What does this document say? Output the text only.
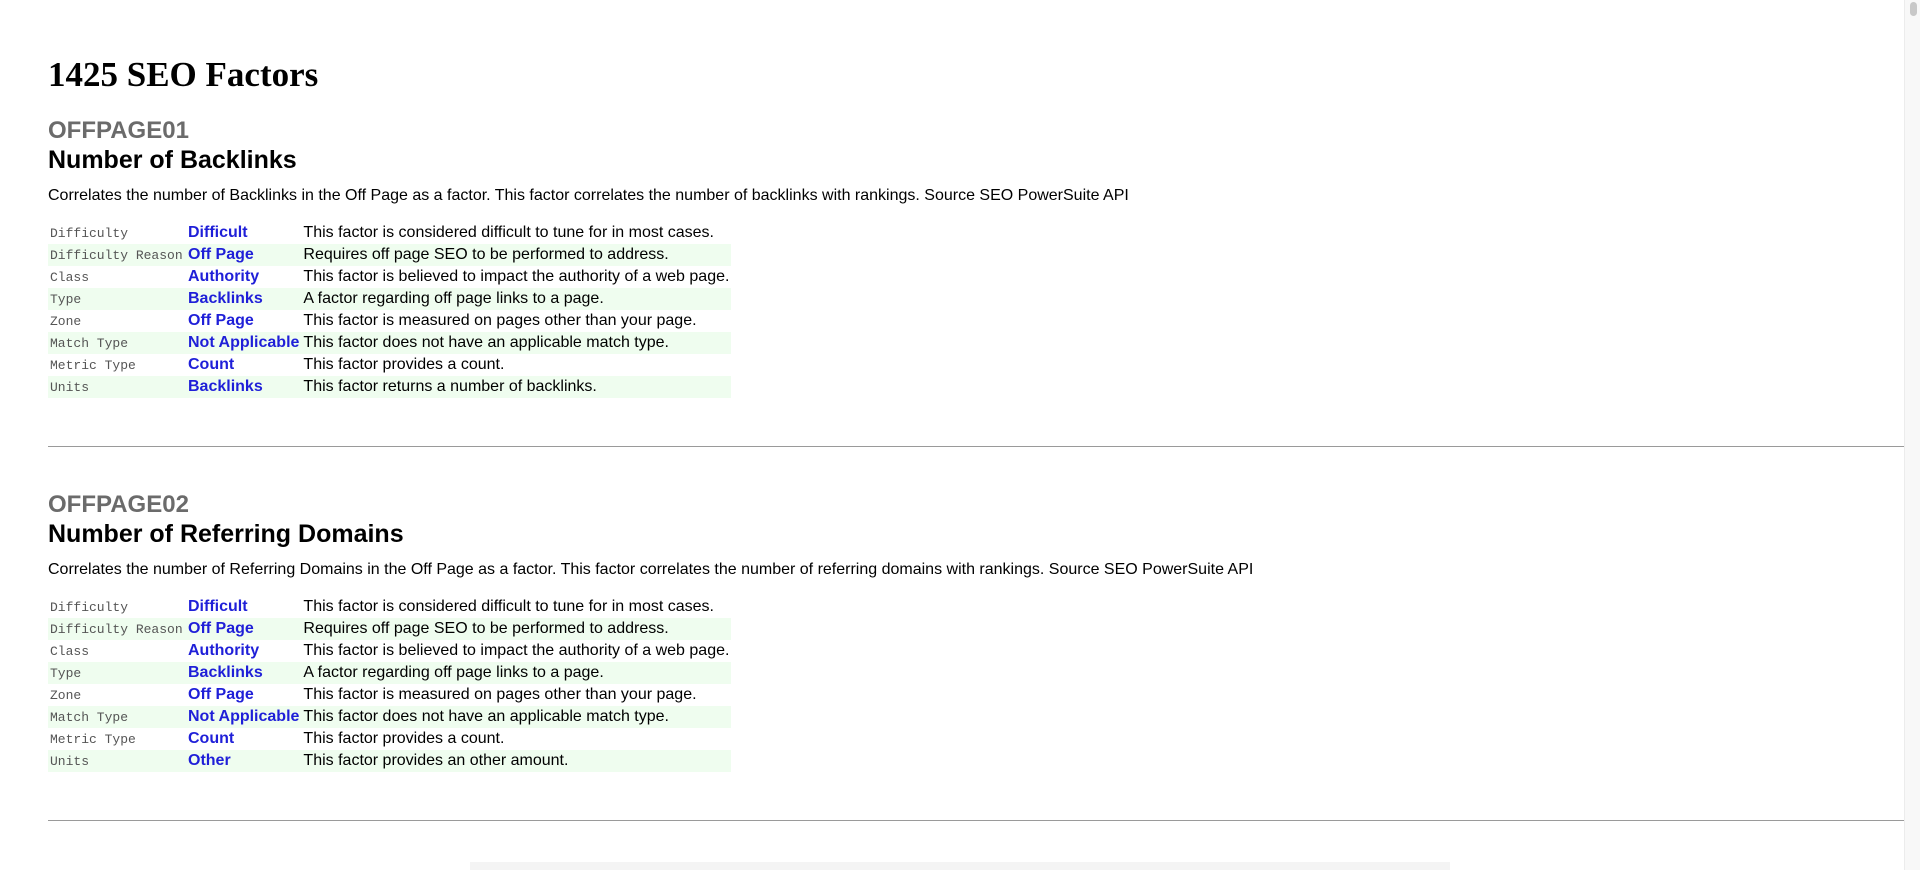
1425 SEO Factors
OFFPAGE01
Number of Backlinks
Correlates the number of Backlinks in the Off Page as a factor. This factor correlates the number of backlinks with rankings. Source SEO PowerSuite API
Difficulty	Difficult	This factor is considered difficult to tune for in most cases.
Difficulty Reason	Off Page	Requires off page SEO to be performed to address.
Class	Authority	This factor is believed to impact the authority of a web page.
Type	Backlinks	A factor regarding off page links to a page.
Zone	Off Page	This factor is measured on pages other than your page.
Match Type	Not Applicable	This factor does not have an applicable match type.
Metric Type	Count	This factor provides a count.
Units	Backlinks	This factor returns a number of backlinks.
OFFPAGE02
Number of Referring Domains
Correlates the number of Referring Domains in the Off Page as a factor. This factor correlates the number of referring domains with rankings. Source SEO PowerSuite API
Difficulty	Difficult	This factor is considered difficult to tune for in most cases.
Difficulty Reason	Off Page	Requires off page SEO to be performed to address.
Class	Authority	This factor is believed to impact the authority of a web page.
Type	Backlinks	A factor regarding off page links to a page.
Zone	Off Page	This factor is measured on pages other than your page.
Match Type	Not Applicable	This factor does not have an applicable match type.
Metric Type	Count	This factor provides a count.
Units	Other	This factor provides an other amount.
